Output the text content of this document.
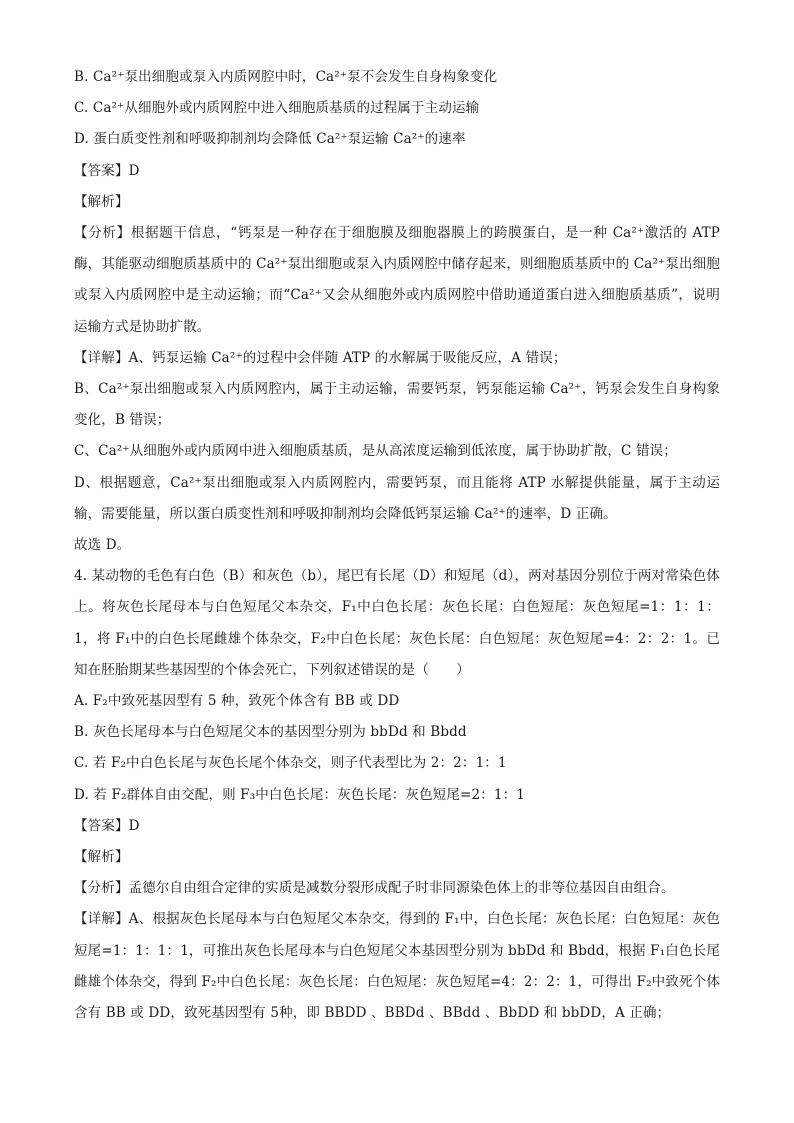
B. Ca²⁺泵出细胞或泵入内质网腔中时，Ca²⁺泵不会发生自身构象变化

C. Ca²⁺从细胞外或内质网腔中进入细胞质基质的过程属于主动运输

D. 蛋白质变性剂和呼吸抑制剂均会降低 Ca²⁺泵运输 Ca²⁺的速率

【答案】D

【解析】

【分析】根据题干信息，“钙泵是一种存在于细胞膜及细胞器膜上的跨膜蛋白，是一种 Ca²⁺激活的 ATP 酶，其能驱动细胞质基质中的 Ca²⁺泵出细胞或泵入内质网腔中储存起来，则细胞质基质中的 Ca²⁺泵出细胞或泵入内质网腔中是主动运输；而“Ca²⁺又会从细胞外或内质网腔中借助通道蛋白进入细胞质基质”，说明运输方式是协助扩散。

【详解】A、钙泵运输 Ca²⁺的过程中会伴随 ATP 的水解属于吸能反应，A 错误；

B、Ca²⁺泵出细胞或泵入内质网腔内，属于主动运输，需要钙泵，钙泵能运输 Ca²⁺，钙泵会发生自身构象变化，B 错误；

C、Ca²⁺从细胞外或内质网中进入细胞质基质，是从高浓度运输到低浓度，属于协助扩散，C 错误；

D、根据题意，Ca²⁺泵出细胞或泵入内质网腔内，需要钙泵，而且能将 ATP 水解提供能量，属于主动运输，需要能量，所以蛋白质变性剂和呼吸抑制剂均会降低钙泵运输 Ca²⁺的速率，D 正确。

故选 D。

4. 某动物的毛色有白色（B）和灰色（b），尾巴有长尾（D）和短尾（d），两对基因分别位于两对常染色体上。将灰色长尾母本与白色短尾父本杂交，F₁中白色长尾：灰色长尾：白色短尾：灰色短尾=1：1：1：1，将 F₁中的白色长尾雌雄个体杂交，F₂中白色长尾：灰色长尾：白色短尾：灰色短尾=4：2：2：1。已知在胚胎期某些基因型的个体会死亡，下列叙述错误的是（　　）

A. F₂中致死基因型有 5 种，致死个体含有 BB 或 DD

B. 灰色长尾母本与白色短尾父本的基因型分别为 bbDd 和 Bbdd

C. 若 F₂中白色长尾与灰色长尾个体杂交，则子代表型比为 2：2：1：1

D. 若 F₂群体自由交配，则 F₃中白色长尾：灰色长尾：灰色短尾=2：1：1

【答案】D

【解析】

【分析】孟德尔自由组合定律的实质是减数分裂形成配子时非同源染色体上的非等位基因自由组合。

【详解】A、根据灰色长尾母本与白色短尾父本杂交，得到的 F₁中，白色长尾：灰色长尾：白色短尾：灰色短尾=1：1：1：1，可推出灰色长尾母本与白色短尾父本基因型分别为 bbDd 和 Bbdd，根据 F₁白色长尾雌雄个体杂交，得到 F₂中白色长尾：灰色长尾：白色短尾：灰色短尾=4：2：2：1，可得出 F₂中致死个体含有 BB 或 DD，致死基因型有 5种，即 BBDD 、BBDd 、BBdd 、BbDD 和 bbDD，A 正确；
